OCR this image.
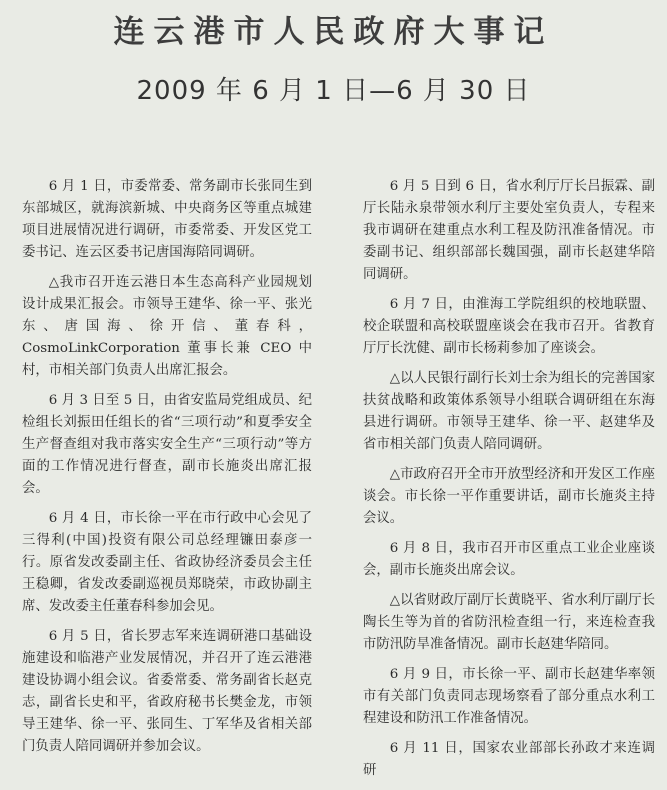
连云港市人民政府大事记
2009 年 6 月 1 日—6 月 30 日

6 月 1 日，市委常委、常务副市长张同生到东部城区，就海滨新城、中央商务区等重点城建项目进展情况进行调研，市委常委、开发区党工委书记、连云区委书记唐国海陪同调研。

△我市召开连云港日本生态高科产业园规划设计成果汇报会。市领导王建华、徐一平、张光东、唐国海、徐开信、董春科，CosmoLinkCorporation 董事长兼 CEO 中村，市相关部门负责人出席汇报会。

6 月 3 日至 5 日，由省安监局党组成员、纪检组长刘振田任组长的省“三项行动”和夏季安全生产督查组对我市落实安全生产“三项行动”等方面的工作情况进行督查，副市长施炎出席汇报会。

6 月 4 日，市长徐一平在市行政中心会见了三得利(中国)投资有限公司总经理镰田泰彦一行。原省发改委副主任、省政协经济委员会主任王稳卿，省发改委副巡视员郑晓荣，市政协副主席、发改委主任董春科参加会见。

6 月 5 日，省长罗志军来连调研港口基础设施建设和临港产业发展情况，并召开了连云港港建设协调小组会议。省委常委、常务副省长赵克志，副省长史和平，省政府秘书长樊金龙，市领导王建华、徐一平、张同生、丁军华及省相关部门负责人陪同调研并参加会议。

6 月 5 日到 6 日，省水利厅厅长吕振霖、副厅长陆永泉带领水利厅主要处室负责人，专程来我市调研在建重点水利工程及防汛准备情况。市委副书记、组织部部长魏国强，副市长赵建华陪同调研。

6 月 7 日，由淮海工学院组织的校地联盟、校企联盟和高校联盟座谈会在我市召开。省教育厅厅长沈健、副市长杨莉参加了座谈会。

△以人民银行副行长刘士余为组长的完善国家扶贫战略和政策体系领导小组联合调研组在东海县进行调研。市领导王建华、徐一平、赵建华及省市相关部门负责人陪同调研。

△市政府召开全市开放型经济和开发区工作座谈会。市长徐一平作重要讲话，副市长施炎主持会议。

6 月 8 日，我市召开市区重点工业企业座谈会，副市长施炎出席会议。

△以省财政厅副厅长黄晓平、省水利厅副厅长陶长生等为首的省防汛检查组一行，来连检查我市防汛防旱准备情况。副市长赵建华陪同。

6 月 9 日，市长徐一平、副市长赵建华率领市有关部门负责同志现场察看了部分重点水利工程建设和防汛工作准备情况。

6 月 11 日，国家农业部部长孙政才来连调研
